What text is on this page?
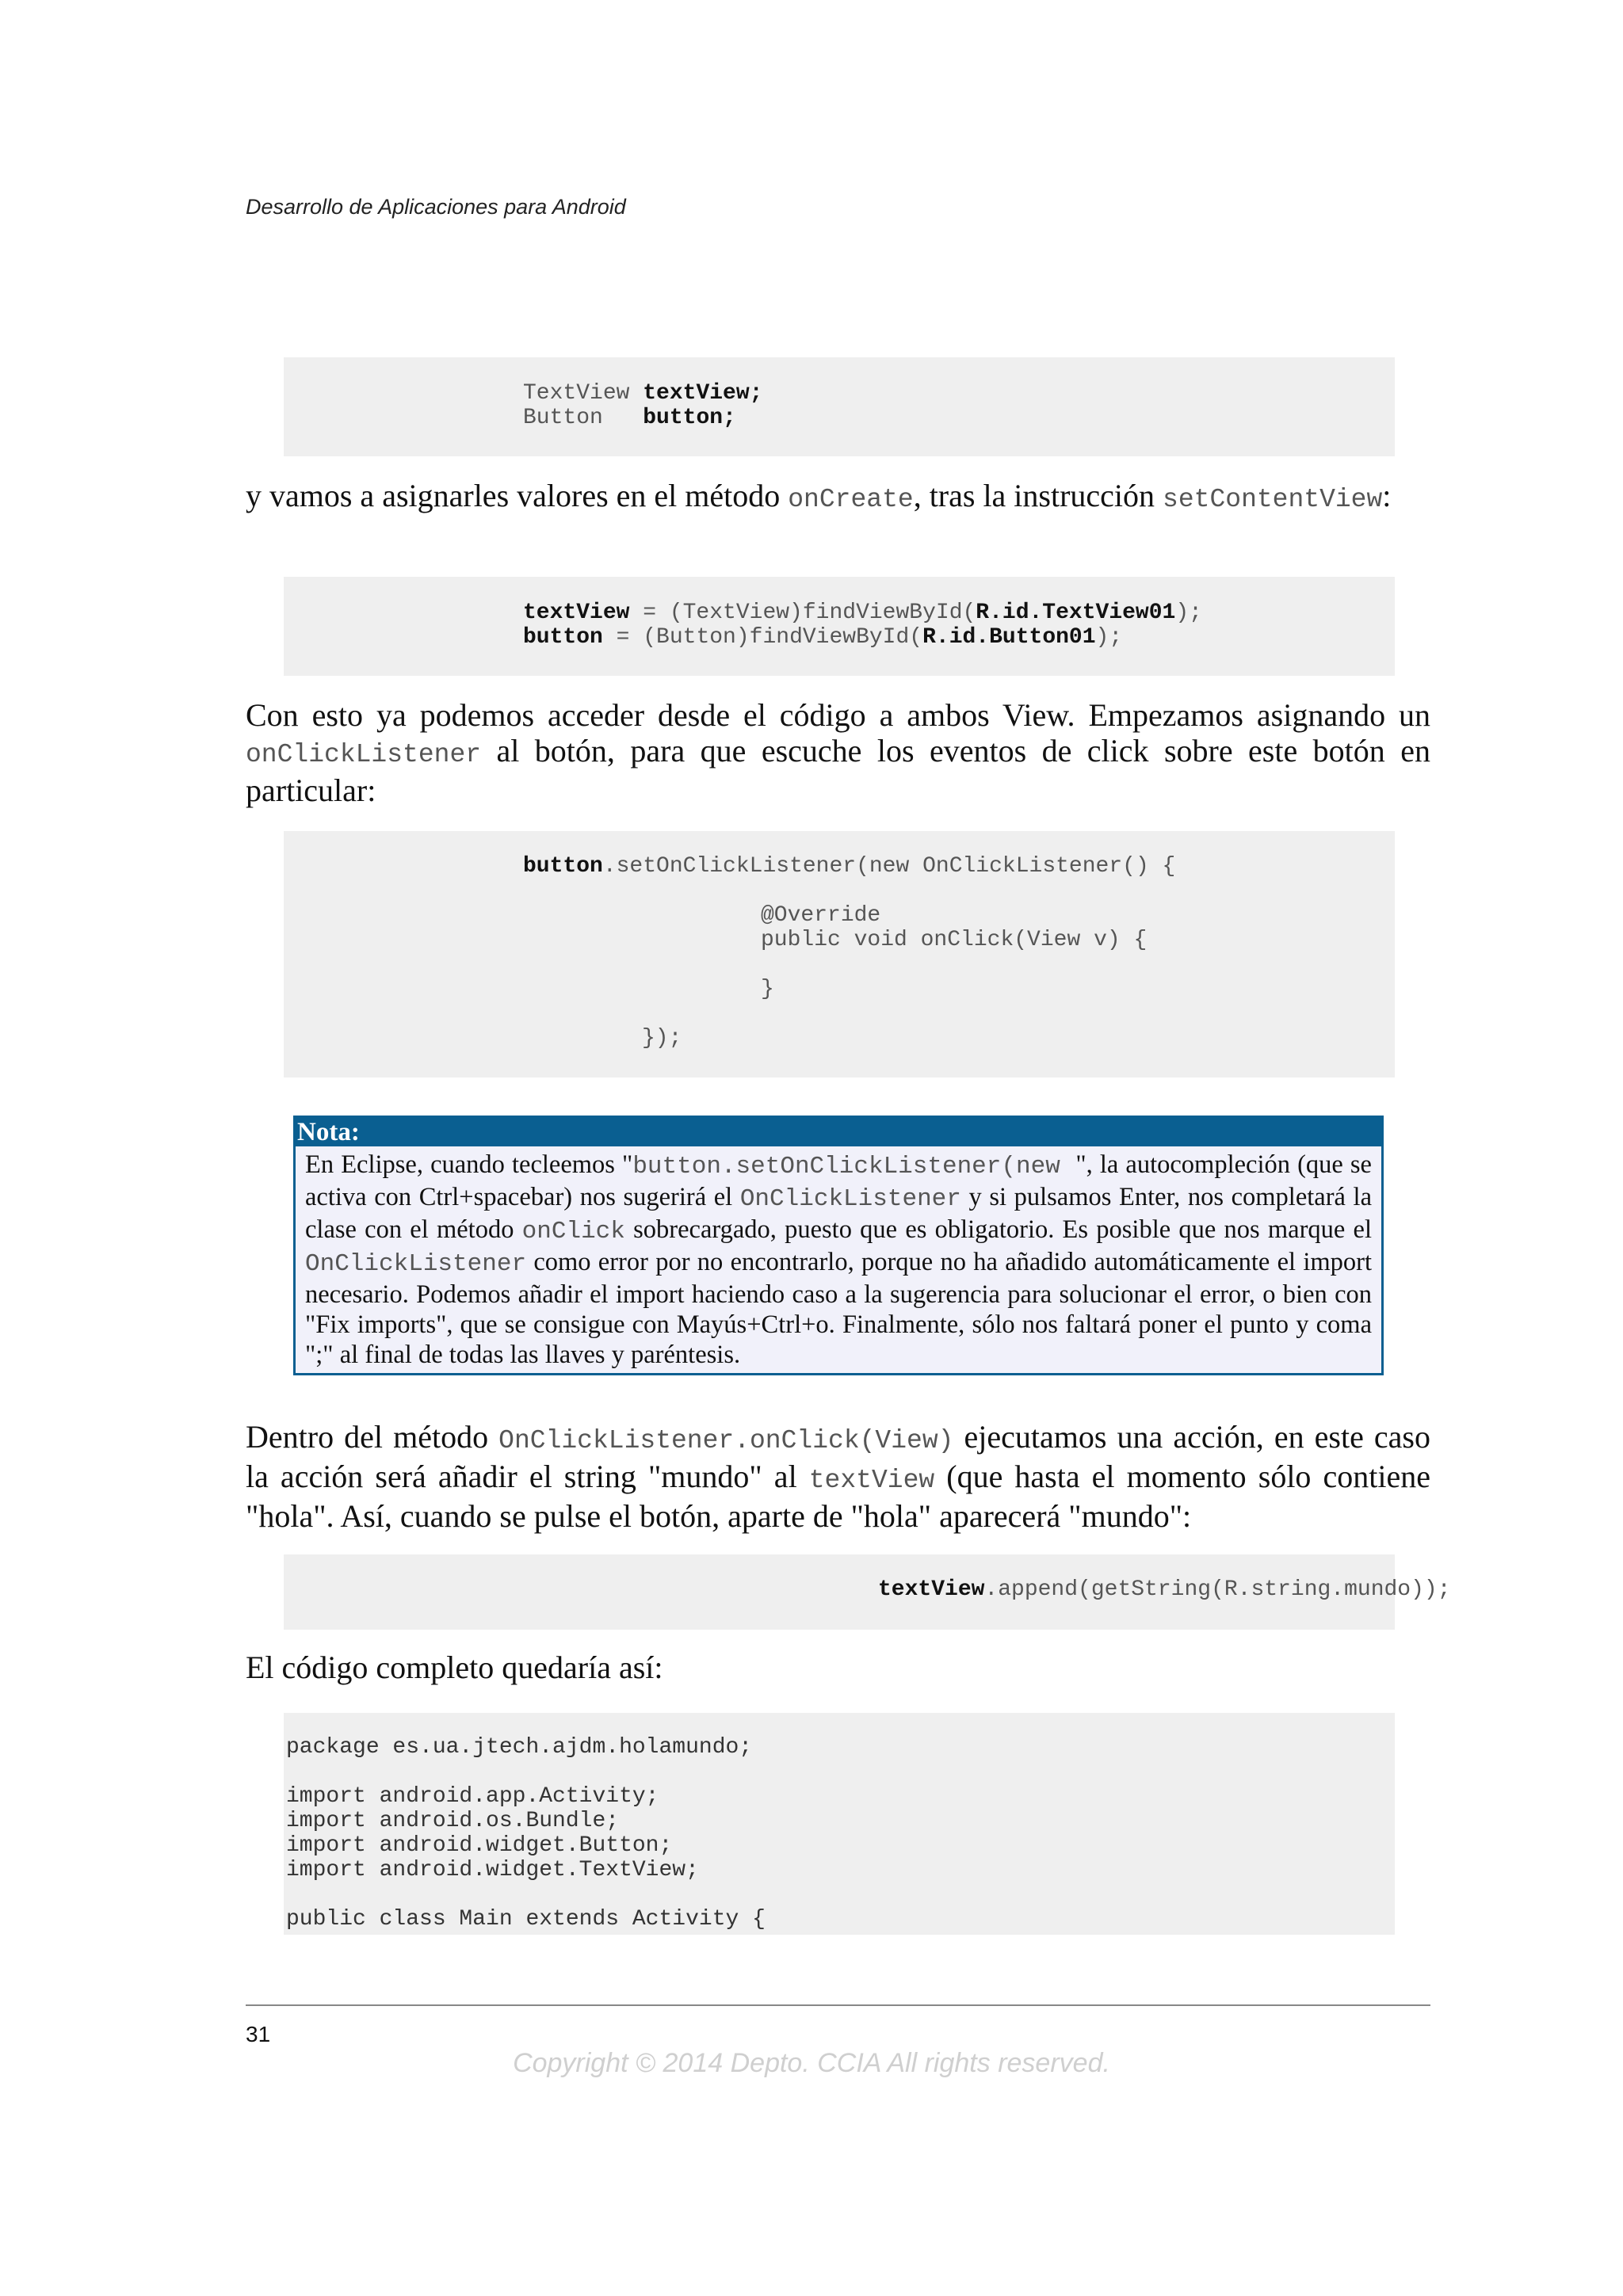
Desarrollo de Aplicaciones para Android
TextView textView;
Button   button;
y vamos a asignarles valores en el método onCreate, tras la instrucción setContentView:
textView = (TextView)findViewById(R.id.TextView01);
button = (Button)findViewById(R.id.Button01);
Con esto ya podemos acceder desde el código a ambos View. Empezamos asignando un onClickListener al botón, para que escuche los eventos de click sobre este botón en particular:
button.setOnClickListener(new OnClickListener() {

@Override
public void onClick(View v) {

}

});
Nota:
En Eclipse, cuando tecleemos "button.setOnClickListener(new ", la autocompleción (que se activa con Ctrl+spacebar) nos sugerirá el OnClickListener y si pulsamos Enter, nos completará la clase con el método onClick sobrecargado, puesto que es obligatorio. Es posible que nos marque el OnClickListener como error por no encontrarlo, porque no ha añadido automáticamente el import necesario. Podemos añadir el import haciendo caso a la sugerencia para solucionar el error, o bien con "Fix imports", que se consigue con Mayús+Ctrl+o. Finalmente, sólo nos faltará poner el punto y coma ";" al final de todas las llaves y paréntesis.
Dentro del método OnClickListener.onClick(View) ejecutamos una acción, en este caso la acción será añadir el string "mundo" al textView (que hasta el momento sólo contiene "hola". Así, cuando se pulse el botón, aparte de "hola" aparecerá "mundo":
textView.append(getString(R.string.mundo));
El código completo quedaría así:
package es.ua.jtech.ajdm.holamundo;

import android.app.Activity;
import android.os.Bundle;
import android.widget.Button;
import android.widget.TextView;

public class Main extends Activity {
31
Copyright © 2014 Depto. CCIA All rights reserved.
